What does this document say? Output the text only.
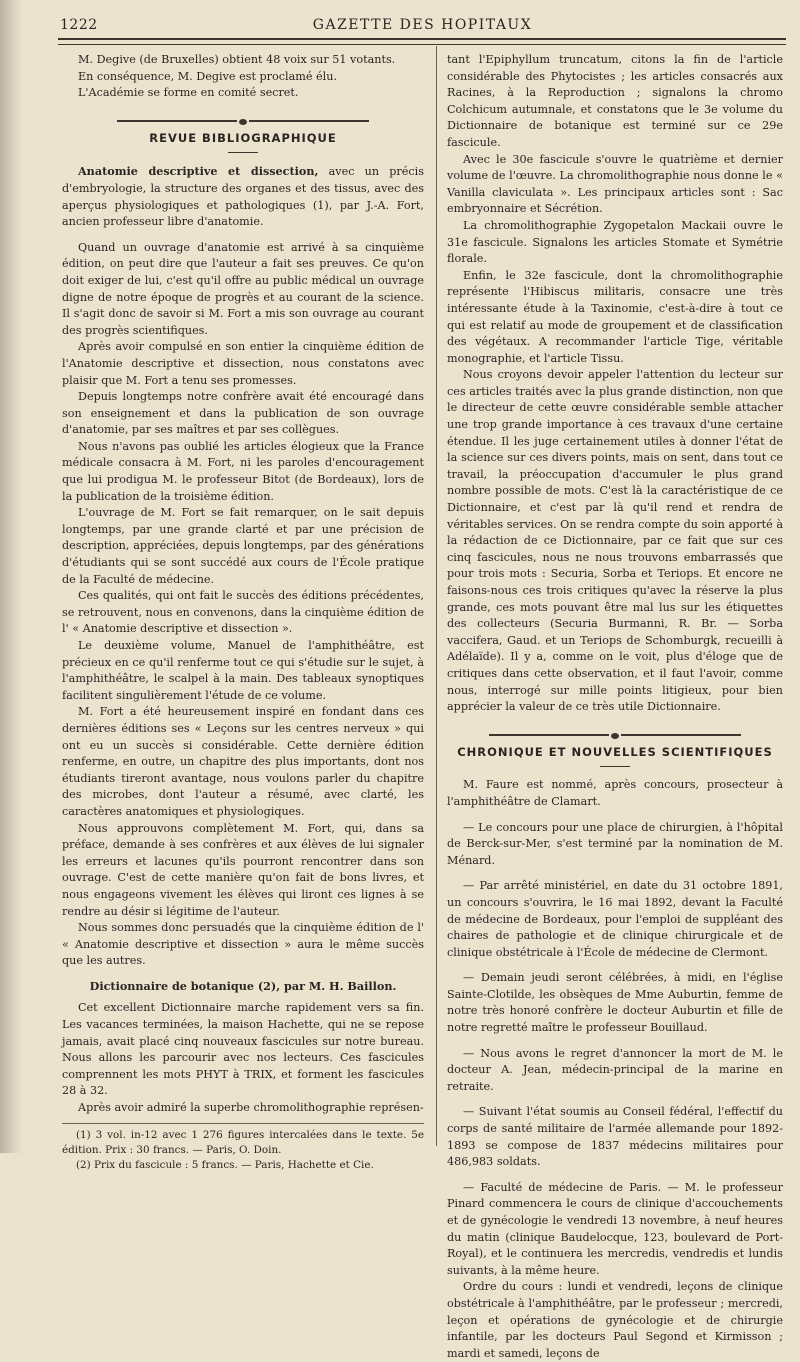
1222	GAZETTE DES HOPITAUX

M. Degive (de Bruxelles) obtient 48 voix sur 51 votants.

En conséquence, M. Degive est proclamé élu.

L'Académie se forme en comité secret.

REVUE BIBLIOGRAPHIQUE

Anatomie descriptive et dissection, avec un précis d'embryologie, la structure des organes et des tissus, avec des aperçus physiologiques et pathologiques (1), par J.-A. Fort, ancien professeur libre d'anatomie.

Quand un ouvrage d'anatomie est arrivé à sa cinquième édition, on peut dire que l'auteur a fait ses preuves. Ce qu'on doit exiger de lui, c'est qu'il offre au public médical un ouvrage digne de notre époque de progrès et au courant de la science. Il s'agit donc de savoir si M. Fort a mis son ouvrage au courant des progrès scientifiques.

Après avoir compulsé en son entier la cinquième édition de l'Anatomie descriptive et dissection, nous constatons avec plaisir que M. Fort a tenu ses promesses.

Depuis longtemps notre confrère avait été encouragé dans son enseignement et dans la publication de son ouvrage d'anatomie, par ses maîtres et par ses collègues.

Nous n'avons pas oublié les articles élogieux que la France médicale consacra à M. Fort, ni les paroles d'encouragement que lui prodigua M. le professeur Bitot (de Bordeaux), lors de la publication de la troisième édition.

L'ouvrage de M. Fort se fait remarquer, on le sait depuis longtemps, par une grande clarté et par une précision de description, appréciées, depuis longtemps, par des générations d'étudiants qui se sont succédé aux cours de l'École pratique de la Faculté de médecine.

Ces qualités, qui ont fait le succès des éditions précédentes, se retrouvent, nous en convenons, dans la cinquième édition de l' « Anatomie descriptive et dissection ».

Le deuxième volume, Manuel de l'amphithéâtre, est précieux en ce qu'il renferme tout ce qui s'étudie sur le sujet, à l'amphithéâtre, le scalpel à la main. Des tableaux synoptiques facilitent singulièrement l'étude de ce volume.

M. Fort a été heureusement inspiré en fondant dans ces dernières éditions ses « Leçons sur les centres nerveux » qui ont eu un succès si considérable. Cette dernière édition renferme, en outre, un chapitre des plus importants, dont nos étudiants tireront avantage, nous voulons parler du chapitre des microbes, dont l'auteur a résumé, avec clarté, les caractères anatomiques et physiologiques.

Nous approuvons complètement M. Fort, qui, dans sa préface, demande à ses confrères et aux élèves de lui signaler les erreurs et lacunes qu'ils pourront rencontrer dans son ouvrage. C'est de cette manière qu'on fait de bons livres, et nous engageons vivement les élèves qui liront ces lignes à se rendre au désir si légitime de l'auteur.

Nous sommes donc persuadés que la cinquième édition de l' « Anatomie descriptive et dissection » aura le même succès que les autres.

Dictionnaire de botanique (2), par M. H. Baillon.

Cet excellent Dictionnaire marche rapidement vers sa fin. Les vacances terminées, la maison Hachette, qui ne se repose jamais, avait placé cinq nouveaux fascicules sur notre bureau. Nous allons les parcourir avec nos lecteurs. Ces fascicules comprennent les mots PHYT à TRIX, et forment les fascicules 28 à 32.

Après avoir admiré la superbe chromolithographie représen-

(1) 3 vol. in-12 avec 1 276 figures intercalées dans le texte. 5e édition. Prix : 30 francs. — Paris, O. Doin.

(2) Prix du fascicule : 5 francs. — Paris, Hachette et Cie.

tant l'Epiphyllum truncatum, citons la fin de l'article considérable des Phytocistes ; les articles consacrés aux Racines, à la Reproduction ; signalons la chromo Colchicum autumnale, et constatons que le 3e volume du Dictionnaire de botanique est terminé sur ce 29e fascicule.

Avec le 30e fascicule s'ouvre le quatrième et dernier volume de l'œuvre. La chromolithographie nous donne le « Vanilla claviculata ». Les principaux articles sont : Sac embryonnaire et Sécrétion.

La chromolithographie Zygopetalon Mackaii ouvre le 31e fascicule. Signalons les articles Stomate et Symétrie florale.

Enfin, le 32e fascicule, dont la chromolithographie représente l'Hibiscus militaris, consacre une très intéressante étude à la Taxinomie, c'est-à-dire à tout ce qui est relatif au mode de groupement et de classification des végétaux. A recommander l'article Tige, véritable monographie, et l'article Tissu.

Nous croyons devoir appeler l'attention du lecteur sur ces articles traités avec la plus grande distinction, non que le directeur de cette œuvre considérable semble attacher une trop grande importance à ces travaux d'une certaine étendue. Il les juge certainement utiles à donner l'état de la science sur ces divers points, mais on sent, dans tout ce travail, la préoccupation d'accumuler le plus grand nombre possible de mots. C'est là la caractéristique de ce Dictionnaire, et c'est par là qu'il rend et rendra de véritables services. On se rendra compte du soin apporté à la rédaction de ce Dictionnaire, par ce fait que sur ces cinq fascicules, nous ne nous trouvons embarrassés que pour trois mots : Securia, Sorba et Teriops. Et encore ne faisons-nous ces trois critiques qu'avec la réserve la plus grande, ces mots pouvant être mal lus sur les étiquettes des collecteurs (Securia Burmanni, R. Br. — Sorba vaccifera, Gaud. et un Teriops de Schomburgk, recueilli à Adélaïde). Il y a, comme on le voit, plus d'éloge que de critiques dans cette observation, et il faut l'avoir, comme nous, interrogé sur mille points litigieux, pour bien apprécier la valeur de ce très utile Dictionnaire.

CHRONIQUE ET NOUVELLES SCIENTIFIQUES

M. Faure est nommé, après concours, prosecteur à l'amphithéâtre de Clamart.

— Le concours pour une place de chirurgien, à l'hôpital de Berck-sur-Mer, s'est terminé par la nomination de M. Ménard.

— Par arrêté ministériel, en date du 31 octobre 1891, un concours s'ouvrira, le 16 mai 1892, devant la Faculté de médecine de Bordeaux, pour l'emploi de suppléant des chaires de pathologie et de clinique chirurgicale et de clinique obstétricale à l'École de médecine de Clermont.

— Demain jeudi seront célébrées, à midi, en l'église Sainte-Clotilde, les obsèques de Mme Auburtin, femme de notre très honoré confrère le docteur Auburtin et fille de notre regretté maître le professeur Bouillaud.

— Nous avons le regret d'annoncer la mort de M. le docteur A. Jean, médecin-principal de la marine en retraite.

— Suivant l'état soumis au Conseil fédéral, l'effectif du corps de santé militaire de l'armée allemande pour 1892-1893 se compose de 1837 médecins militaires pour 486,983 soldats.

— Faculté de médecine de Paris. — M. le professeur Pinard commencera le cours de clinique d'accouchements et de gynécologie le vendredi 13 novembre, à neuf heures du matin (clinique Baudelocque, 123, boulevard de Port-Royal), et le continuera les mercredis, vendredis et lundis suivants, à la même heure.

Ordre du cours : lundi et vendredi, leçons de clinique obstétricale à l'amphithéâtre, par le professeur ; mercredi, leçon et opérations de gynécologie et de chirurgie infantile, par les docteurs Paul Segond et Kirmisson ; mardi et samedi, leçons de
